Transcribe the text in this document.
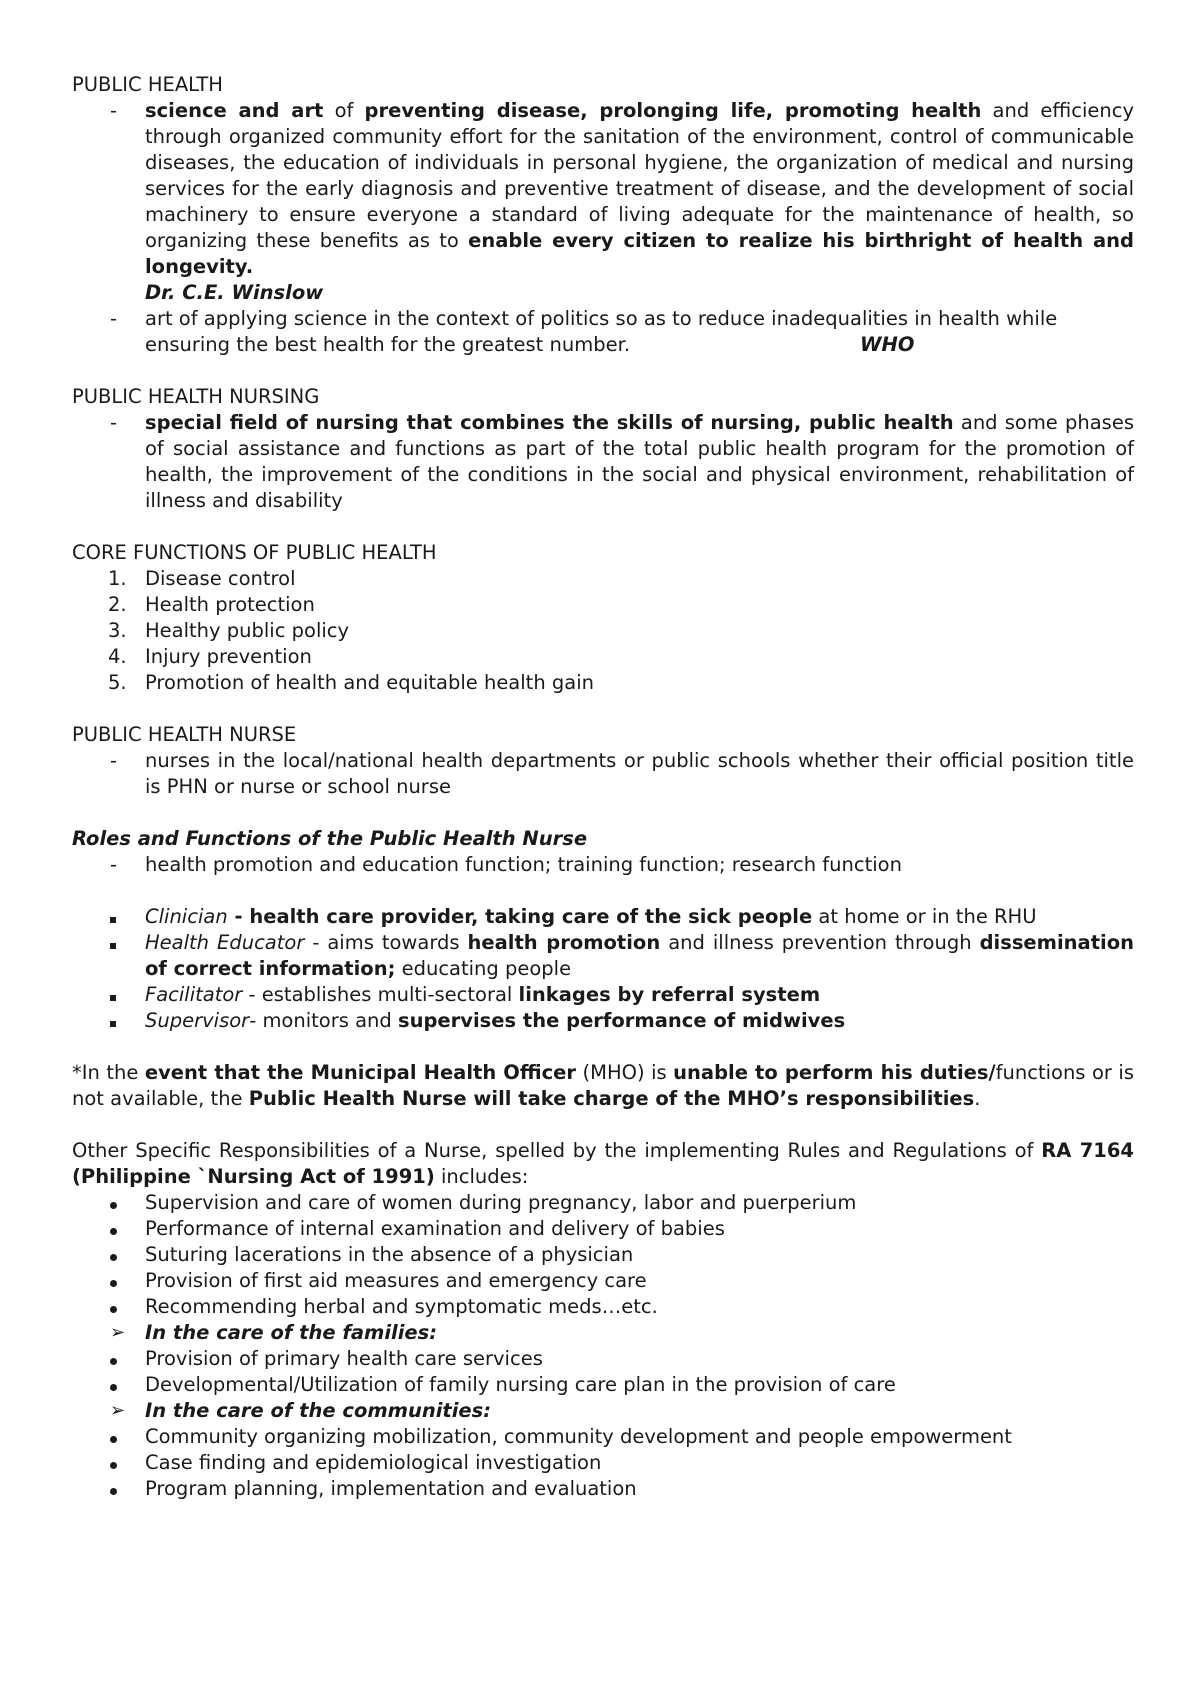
PUBLIC HEALTH
-	science and art of preventing disease, prolonging life, promoting health and efficiency through organized community effort for the sanitation of the environment, control of communicable diseases, the education of individuals in personal hygiene, the organization of medical and nursing services for the early diagnosis and preventive treatment of disease, and the development of social machinery to ensure everyone a standard of living adequate for the maintenance of health, so organizing these benefits as to enable every citizen to realize his birthright of health and longevity.
Dr. C.E. Winslow
-	art of applying science in the context of politics so as to reduce inadequalities in health while ensuring the best health for the greatest number.	WHO
PUBLIC HEALTH NURSING
-	special field of nursing that combines the skills of nursing, public health and some phases of social assistance and functions as part of the total public health program for the promotion of health, the improvement of the conditions in the social and physical environment, rehabilitation of illness and disability
CORE FUNCTIONS OF PUBLIC HEALTH
1. Disease control
2. Health protection
3. Healthy public policy
4. Injury prevention
5. Promotion of health and equitable health gain
PUBLIC HEALTH NURSE
-	nurses in the local/national health departments or public schools whether their official position title is PHN or nurse or school nurse
Roles and Functions of the Public Health Nurse
-	health promotion and education function; training function; research function
Clinician - health care provider, taking care of the sick people at home or in the RHU
Health Educator - aims towards health promotion and illness prevention through dissemination of correct information; educating people
Facilitator - establishes multi-sectoral linkages by referral system
Supervisor- monitors and supervises the performance of midwives
*In the event that the Municipal Health Officer (MHO) is unable to perform his duties/functions or is not available, the Public Health Nurse will take charge of the MHO’s responsibilities.
Other Specific Responsibilities of a Nurse, spelled by the implementing Rules and Regulations of RA 7164 (Philippine `Nursing Act of 1991) includes:
Supervision and care of women during pregnancy, labor and puerperium
Performance of internal examination and delivery of babies
Suturing lacerations in the absence of a physician
Provision of first aid measures and emergency care
Recommending herbal and symptomatic meds…etc.
➢	In the care of the families:
Provision of primary health care services
Developmental/Utilization of family nursing care plan in the provision of care
➢	In the care of the communities:
Community organizing mobilization, community development and people empowerment
Case finding and epidemiological investigation
Program planning, implementation and evaluation
